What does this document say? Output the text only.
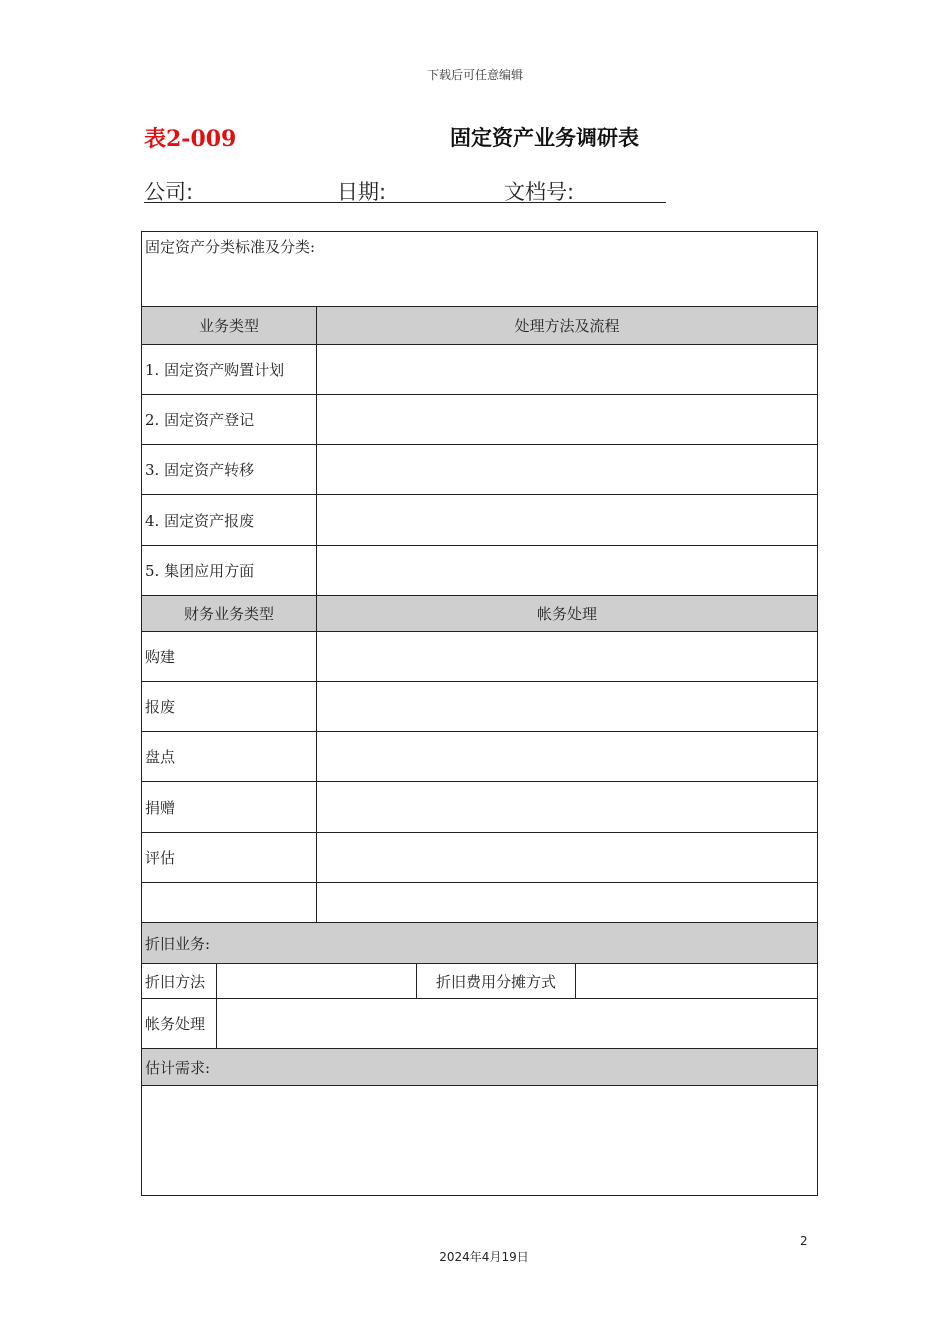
下载后可任意编辑
表2-009	固定资产业务调研表
公司:	日期:	文档号:
固定资产分类标准及分类:
业务类型	处理方法及流程
1. 固定资产购置计划
2. 固定资产登记
3. 固定资产转移
4. 固定资产报废
5. 集团应用方面
财务业务类型	帐务处理
购建
报废
盘点
捐赠
评估
折旧业务:
折旧方法	折旧费用分摊方式
帐务处理
估计需求:
2
2024年4月19日
